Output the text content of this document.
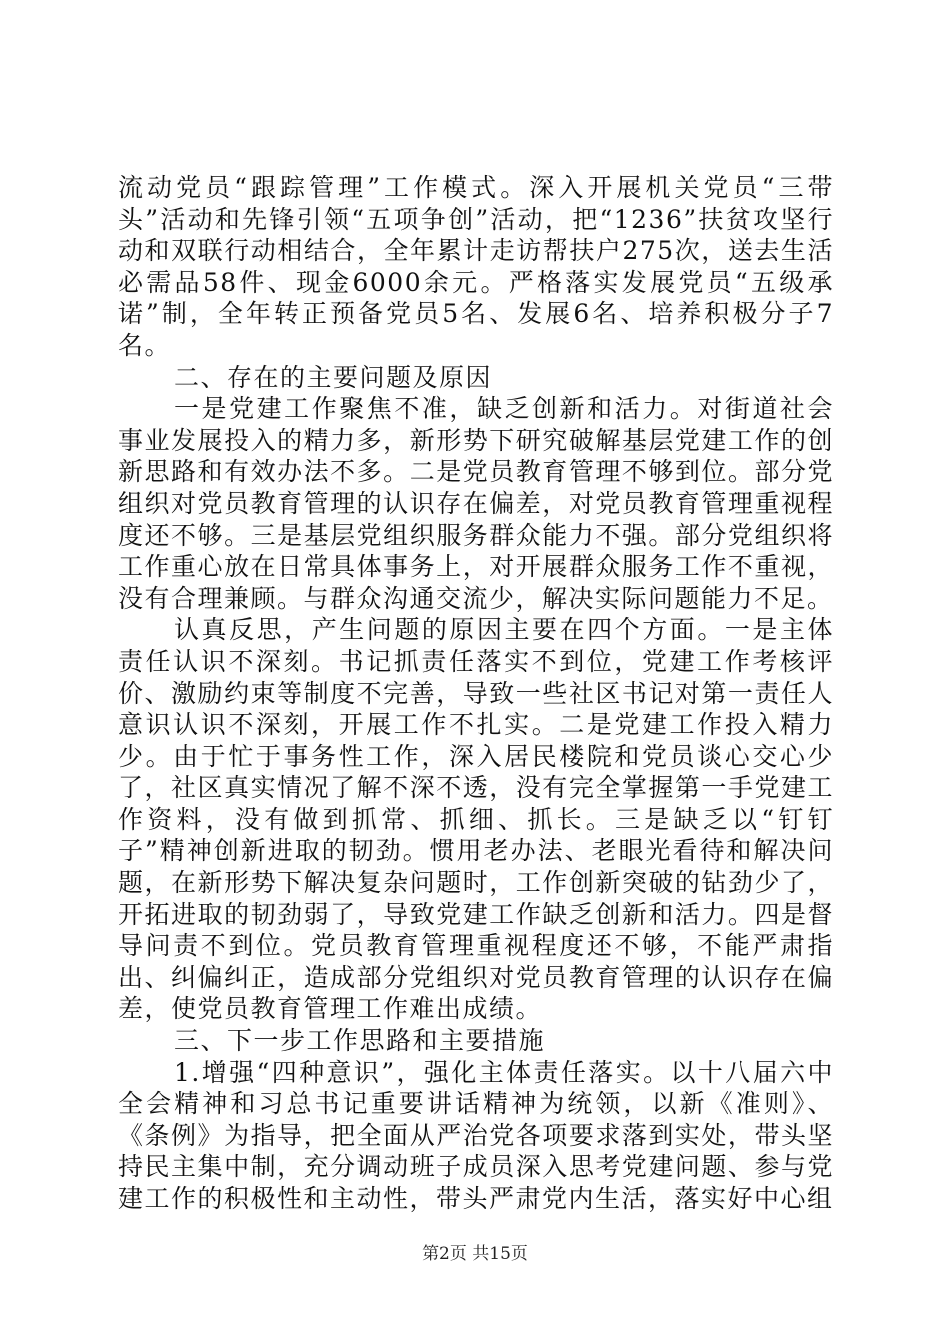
流动党员“跟踪管理”工作模式。深入开展机关党员“三带头”活动和先锋引领“五项争创”活动，把“1236”扶贫攻坚行动和双联行动相结合，全年累计走访帮扶户275次，送去生活必需品58件、现金6000余元。严格落实发展党员“五级承诺”制，全年转正预备党员5名、发展6名、培养积极分子7名。

二、存在的主要问题及原因

一是党建工作聚焦不准，缺乏创新和活力。对街道社会事业发展投入的精力多，新形势下研究破解基层党建工作的创新思路和有效办法不多。二是党员教育管理不够到位。部分党组织对党员教育管理的认识存在偏差，对党员教育管理重视程度还不够。三是基层党组织服务群众能力不强。部分党组织将工作重心放在日常具体事务上，对开展群众服务工作不重视，没有合理兼顾。与群众沟通交流少，解决实际问题能力不足。

认真反思，产生问题的原因主要在四个方面。一是主体责任认识不深刻。书记抓责任落实不到位，党建工作考核评价、激励约束等制度不完善，导致一些社区书记对第一责任人意识认识不深刻，开展工作不扎实。二是党建工作投入精力少。由于忙于事务性工作，深入居民楼院和党员谈心交心少了，社区真实情况了解不深不透，没有完全掌握第一手党建工作资料，没有做到抓常、抓细、抓长。三是缺乏以“钉钉子”精神创新进取的韧劲。惯用老办法、老眼光看待和解决问题，在新形势下解决复杂问题时，工作创新突破的钻劲少了，开拓进取的韧劲弱了，导致党建工作缺乏创新和活力。四是督导问责不到位。党员教育管理重视程度还不够，不能严肃指出、纠偏纠正，造成部分党组织对党员教育管理的认识存在偏差，使党员教育管理工作难出成绩。

三、下一步工作思路和主要措施

1.增强“四种意识”，强化主体责任落实。以十八届六中全会精神和习总书记重要讲话精神为统领，以新《准则》、《条例》为指导，把全面从严治党各项要求落到实处，带头坚持民主集中制，充分调动班子成员深入思考党建问题、参与党建工作的积极性和主动性，带头严肃党内生活，落实好中心组

第2页 共15页
